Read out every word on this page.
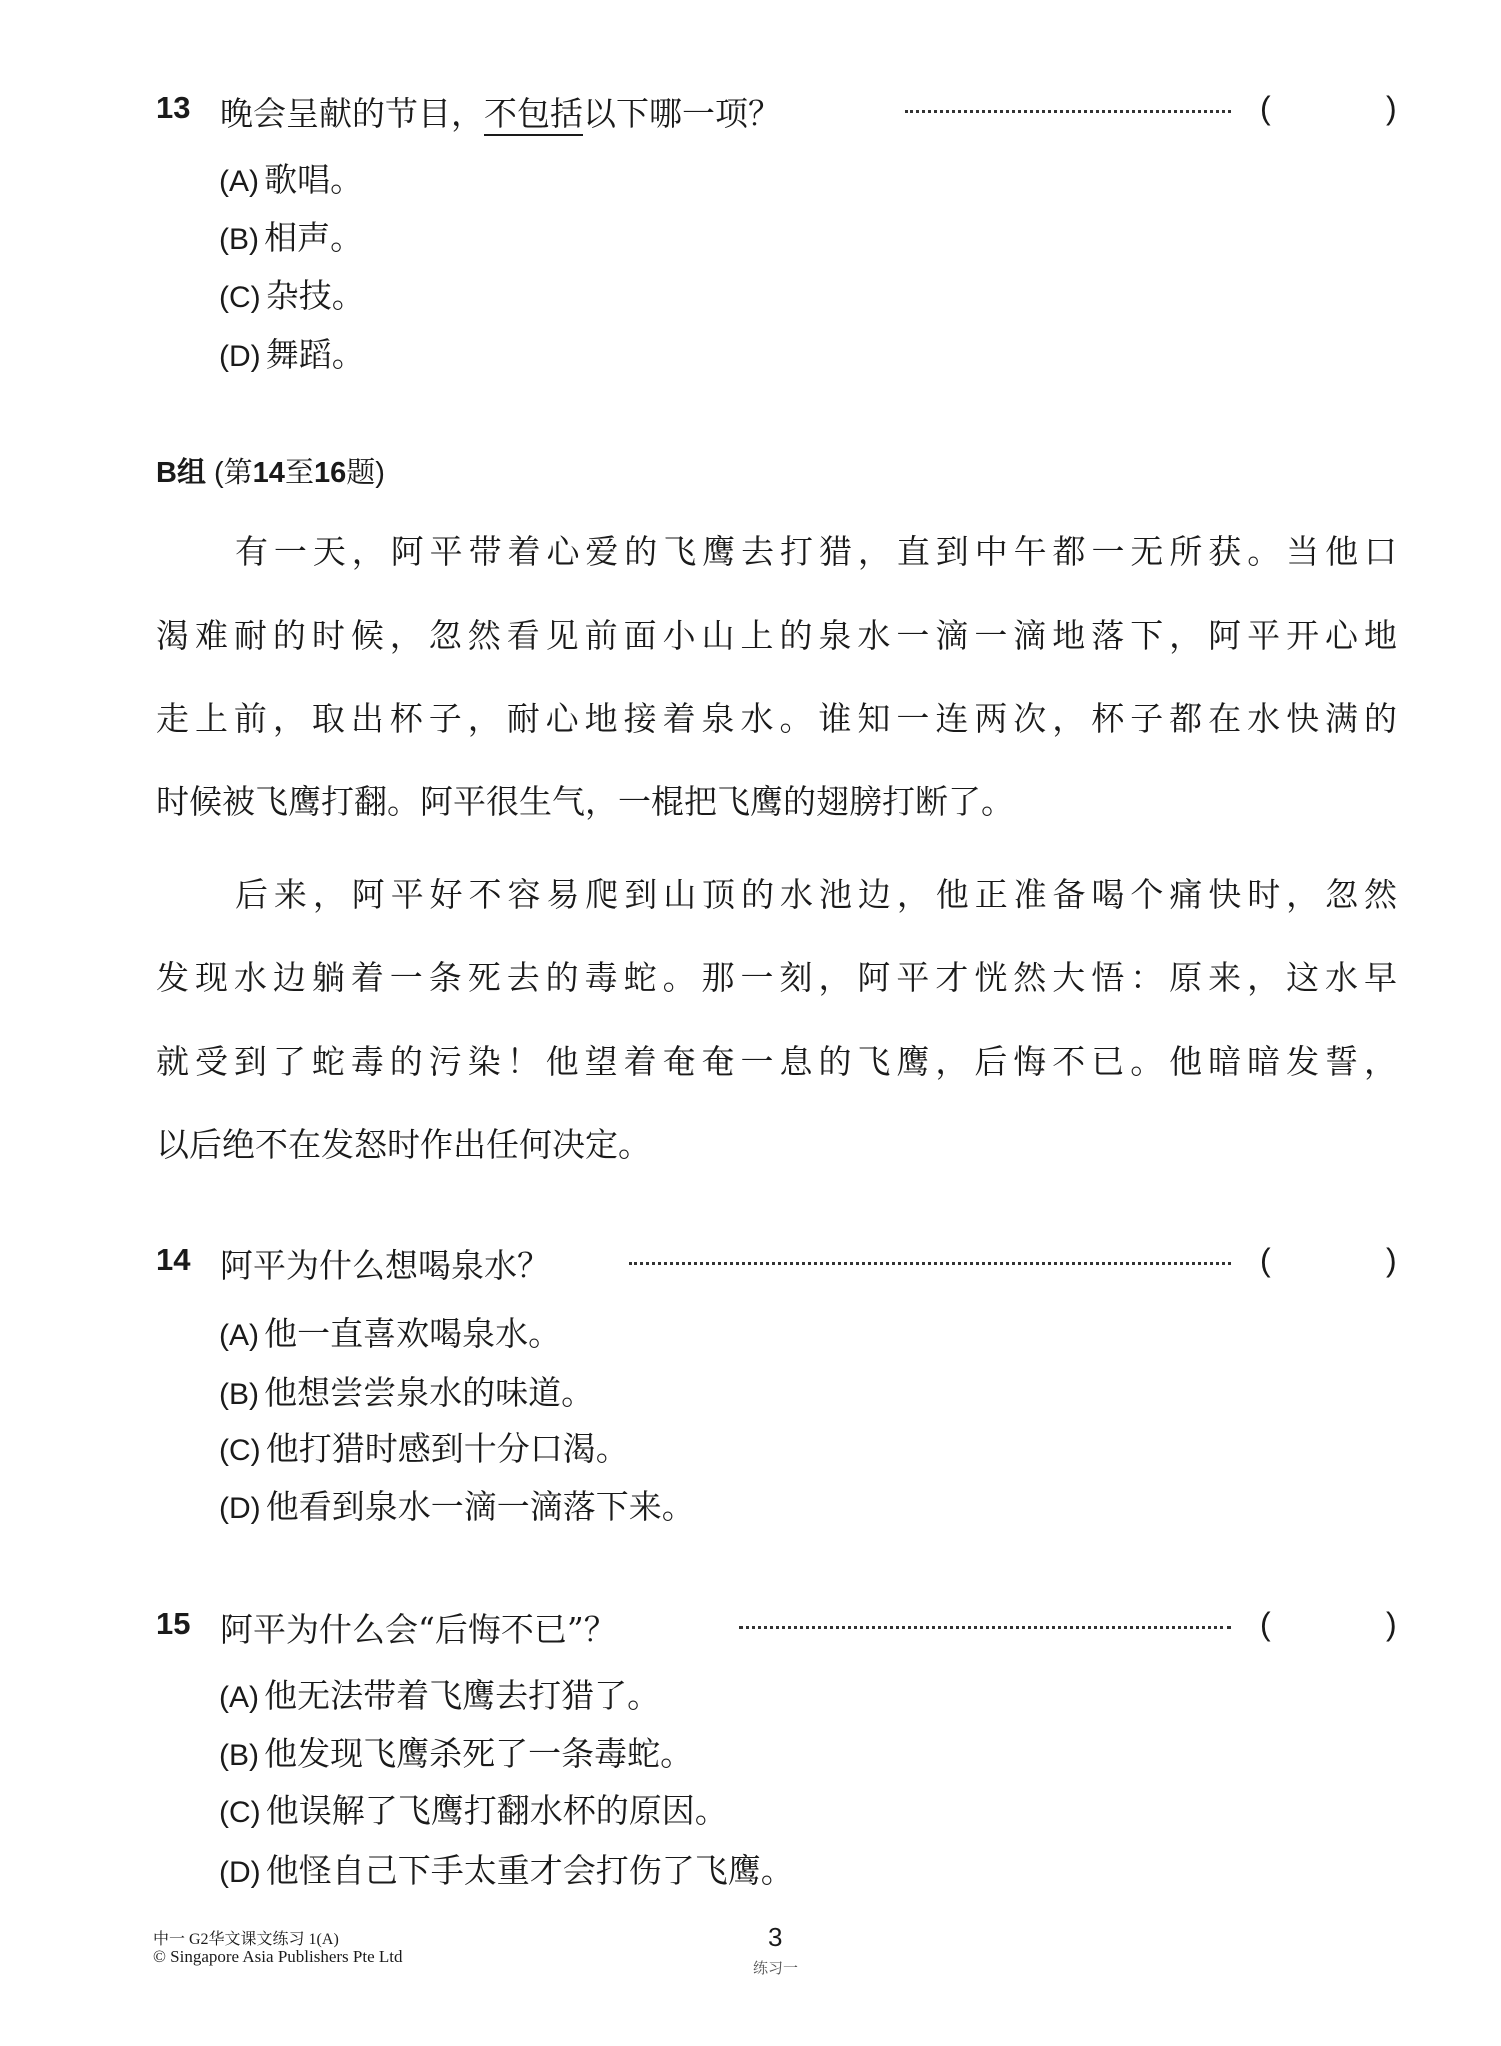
13 晚会呈献的节目，不包括以下哪一项？	(	)
(A) 歌唱。
(B) 相声。
(C) 杂技。
(D) 舞蹈。
B组 (第14至16题)
有一天，阿平带着心爱的飞鹰去打猎，直到中午都一无所获。当他口
渴难耐的时候，忽然看见前面小山上的泉水一滴一滴地落下，阿平开心地
走上前，取出杯子，耐心地接着泉水。谁知一连两次，杯子都在水快满的
时候被飞鹰打翻。阿平很生气，一棍把飞鹰的翅膀打断了。
后来，阿平好不容易爬到山顶的水池边，他正准备喝个痛快时，忽然
发现水边躺着一条死去的毒蛇。那一刻，阿平才恍然大悟：原来，这水早
就受到了蛇毒的污染！他望着奄奄一息的飞鹰，后悔不已。他暗暗发誓，
以后绝不在发怒时作出任何决定。
14 阿平为什么想喝泉水？	(	)
(A) 他一直喜欢喝泉水。
(B) 他想尝尝泉水的味道。
(C) 他打猎时感到十分口渴。
(D) 他看到泉水一滴一滴落下来。
15 阿平为什么会“后悔不已”？	(	)
(A) 他无法带着飞鹰去打猎了。
(B) 他发现飞鹰杀死了一条毒蛇。
(C) 他误解了飞鹰打翻水杯的原因。
(D) 他怪自己下手太重才会打伤了飞鹰。
中一 G2华文课文练习 1(A)
© Singapore Asia Publishers Pte Ltd
3
练习一
